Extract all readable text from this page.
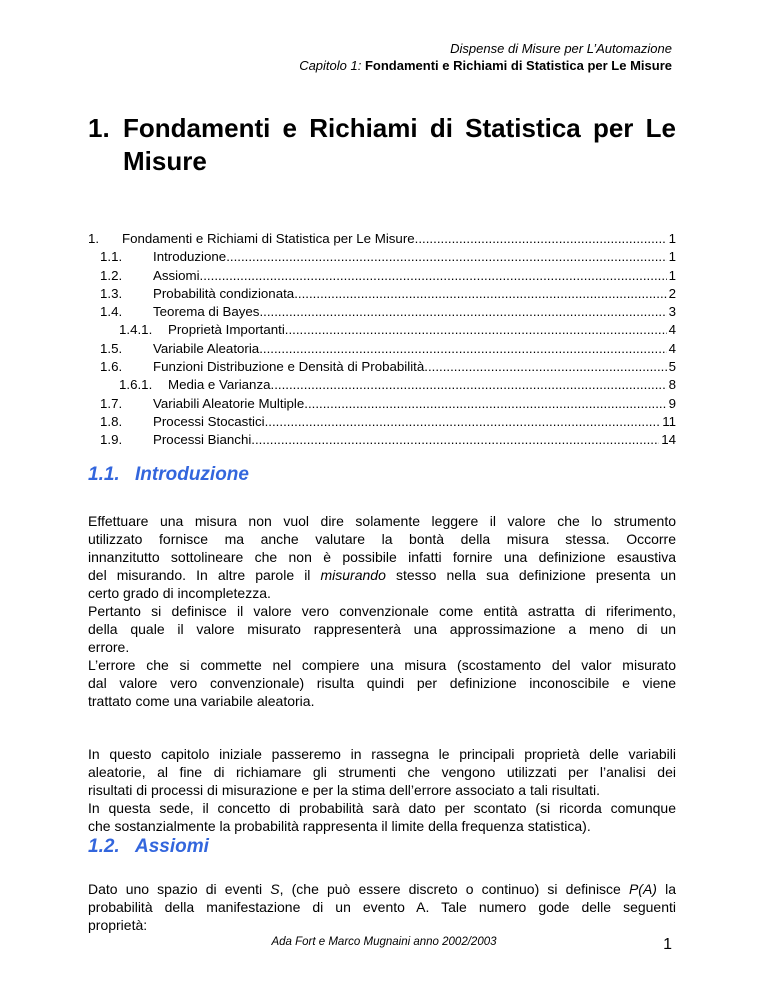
Dispense di Misure per L’Automazione
Capitolo 1: Fondamenti e Richiami di Statistica per Le Misure
1. Fondamenti e Richiami di Statistica per Le Misure
1.	Fondamenti e Richiami di Statistica per Le Misure .....	1
1.1.	Introduzione .....	1
1.2.	Assiomi .....	1
1.3.	Probabilità condizionata .....	2
1.4.	Teorema di Bayes .....	3
1.4.1.	Proprietà Importanti .....	4
1.5.	Variabile Aleatoria .....	4
1.6.	Funzioni Distribuzione e Densità di Probabilità .....	5
1.6.1.	Media e Varianza .....	8
1.7.	Variabili Aleatorie Multiple .....	9
1.8.	Processi Stocastici .....	11
1.9.	Processi Bianchi .....	14
1.1. Introduzione

Effettuare una misura non vuol dire solamente leggere il valore che lo strumento
utilizzato fornisce ma anche valutare la bontà della misura stessa. Occorre
innanzitutto sottolineare che non è possibile infatti fornire una definizione esaustiva
del misurando. In altre parole il misurando stesso nella sua definizione presenta un
certo grado di incompletezza.
Pertanto si definisce il valore vero convenzionale come entità astratta di riferimento,
della quale il valore misurato rappresenterà una approssimazione a meno di un
errore.
L’errore che si commette nel compiere una misura (scostamento del valor misurato
dal valore vero convenzionale) risulta quindi per definizione inconoscibile e viene
trattato come una variabile aleatoria.

In questo capitolo iniziale passeremo in rassegna le principali proprietà delle variabili
aleatorie, al fine di richiamare gli strumenti che vengono utilizzati per l’analisi dei
risultati di processi di misurazione e per la stima dell’errore associato a tali risultati.
In questa sede, il concetto di probabilità sarà dato per scontato (si ricorda comunque
che sostanzialmente la probabilità rappresenta il limite della frequenza statistica).

1.2. Assiomi

Dato uno spazio di eventi S, (che può essere discreto o continuo) si definisce P(A) la
probabilità della manifestazione di un evento A. Tale numero gode delle seguenti
proprietà:

Ada Fort e Marco Mugnaini anno 2002/2003	1
